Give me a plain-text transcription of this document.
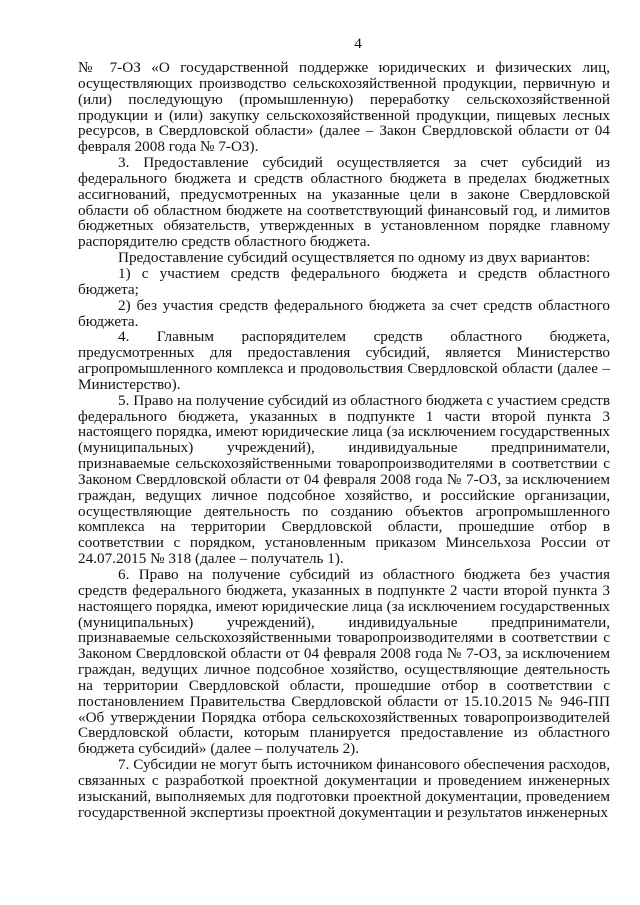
4

№ 7-ОЗ «О государственной поддержке юридических и физических лиц, осуществляющих производство сельскохозяйственной продукции, первичную и (или) последующую (промышленную) переработку сельскохозяйственной продукции и (или) закупку сельскохозяйственной продукции, пищевых лесных ресурсов, в Свердловской области» (далее – Закон Свердловской области от 04 февраля 2008 года № 7-ОЗ).

3. Предоставление субсидий осуществляется за счет субсидий из федерального бюджета и средств областного бюджета в пределах бюджетных ассигнований, предусмотренных на указанные цели в законе Свердловской области об областном бюджете на соответствующий финансовый год, и лимитов бюджетных обязательств, утвержденных в установленном порядке главному распорядителю средств областного бюджета.

Предоставление субсидий осуществляется по одному из двух вариантов:

1) с участием средств федерального бюджета и средств областного бюджета;

2) без участия средств федерального бюджета за счет средств областного бюджета.

4. Главным распорядителем средств областного бюджета, предусмотренных для предоставления субсидий, является Министерство агропромышленного комплекса и продовольствия Свердловской области (далее – Министерство).

5. Право на получение субсидий из областного бюджета с участием средств федерального бюджета, указанных в подпункте 1 части второй пункта 3 настоящего порядка, имеют юридические лица (за исключением государственных (муниципальных) учреждений), индивидуальные предприниматели, признаваемые сельскохозяйственными товаропроизводителями в соответствии с Законом Свердловской области от 04 февраля 2008 года № 7-ОЗ, за исключением граждан, ведущих личное подсобное хозяйство, и российские организации, осуществляющие деятельность по созданию объектов агропромышленного комплекса на территории Свердловской области, прошедшие отбор в соответствии с порядком, установленным приказом Минсельхоза России от 24.07.2015 № 318 (далее – получатель 1).

6. Право на получение субсидий из областного бюджета без участия средств федерального бюджета, указанных в подпункте 2 части второй пункта 3 настоящего порядка, имеют юридические лица (за исключением государственных (муниципальных) учреждений), индивидуальные предприниматели, признаваемые сельскохозяйственными товаропроизводителями в соответствии с Законом Свердловской области от 04 февраля 2008 года № 7-ОЗ, за исключением граждан, ведущих личное подсобное хозяйство, осуществляющие деятельность на территории Свердловской области, прошедшие отбор в соответствии с постановлением Правительства Свердловской области от 15.10.2015 № 946-ПП «Об утверждении Порядка отбора сельскохозяйственных товаропроизводителей Свердловской области, которым планируется предоставление из областного бюджета субсидий» (далее – получатель 2).

7. Субсидии не могут быть источником финансового обеспечения расходов, связанных с разработкой проектной документации и проведением инженерных изысканий, выполняемых для подготовки проектной документации, проведением государственной экспертизы проектной документации и результатов инженерных
